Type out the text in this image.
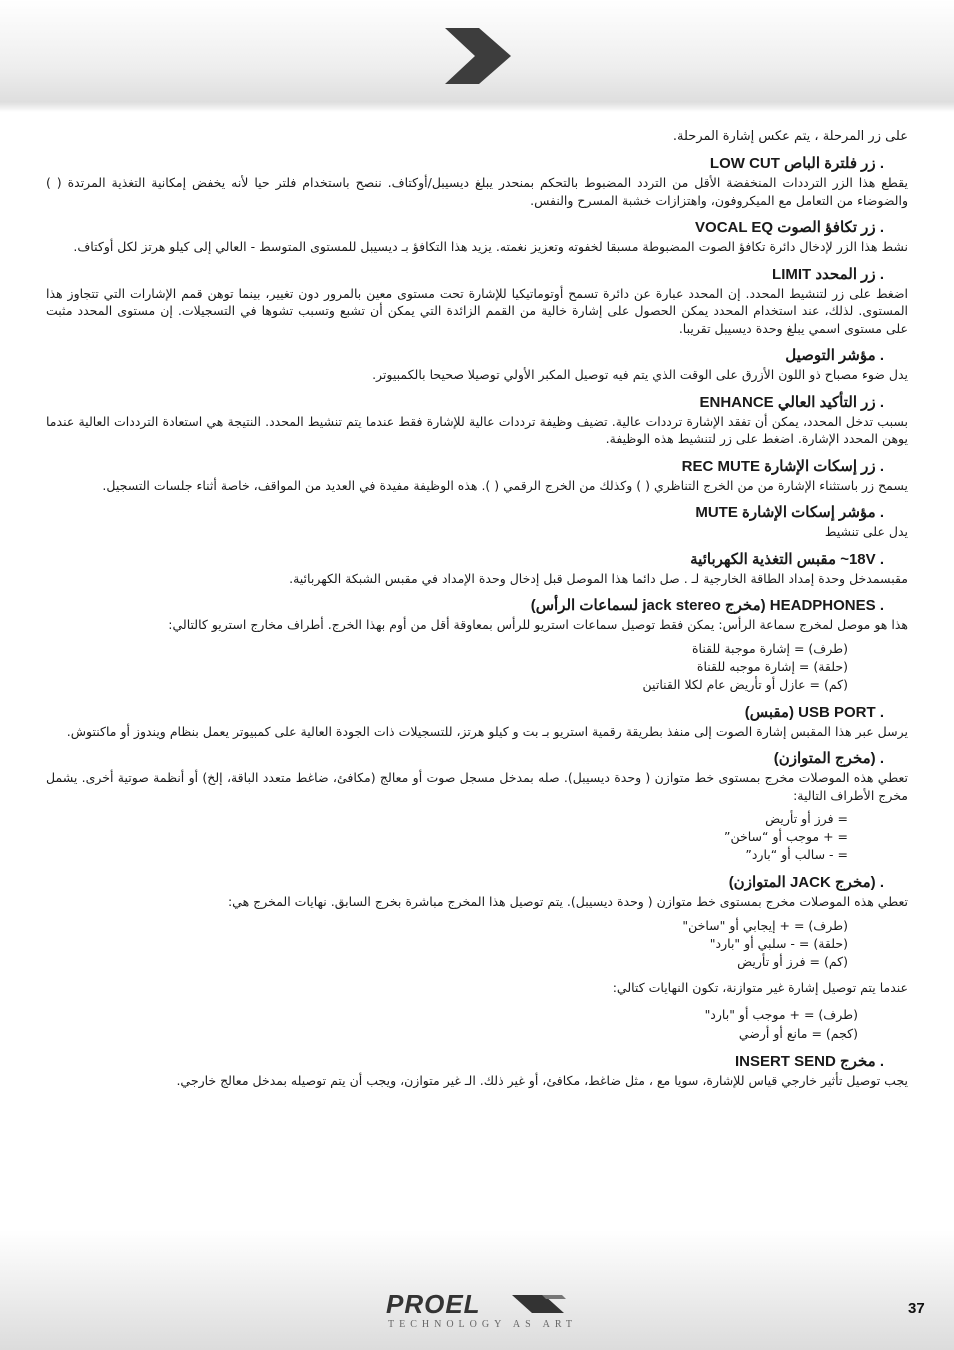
على زر المرحلة ، يتم عكس إشارة المرحلة.
. زر فلترة الباص LOW CUT
يقطع هذا الزر الترددات المنخفضة الأقل من التردد المضبوط بالتحكم بمنحدر يبلغ ديسيبل/أوكتاف. ننصح باستخدام فلتر حيا لأنه يخفض إمكانية التغذية المرتدة ( ) والضوضاء من التعامل مع الميكروفون، واهتزازات خشبة المسرح والنفس.
. زر تكافؤ الصوت VOCAL EQ
نشط هذا الزر لإدخال دائرة تكافؤ الصوت المضبوطة مسبقا لخفوته وتعزيز نغمته. يزيد هذا التكافؤ بـ ديسيبل للمستوى المتوسط - العالي إلى كيلو هرتز لكل أوكتاف.
. زر المحدد LIMIT
اضغط على زر لتنشيط المحدد. إن المحدد عبارة عن دائرة تسمح أوتوماتيكيا للإشارة تحت مستوى معين بالمرور دون تغيير، بينما توهن قمم الإشارات التي تتجاوز هذا المستوى. لذلك، عند استخدام المحدد يمكن الحصول على إشارة خالية من القمم الزائدة التي يمكن أن تشبع وتسبب تشوها في التسجيلات. إن مستوى المحدد مثبت على مستوى اسمي يبلغ وحدة ديسيبل تقريبا.
. مؤشر التوصيل
يدل ضوء مصباح ذو اللون الأزرق على الوقت الذي يتم فيه توصيل المكبر الأولي توصيلا صحيحا بالكمبيوتر.
. زر التأكيد العالي ENHANCE
بسبب تدخل المحدد، يمكن أن تفقد الإشارة ترددات عالية. تضيف وظيفة ترددات عالية للإشارة فقط عندما يتم تنشيط المحدد. النتيجة هي استعادة الترددات العالية عندما يوهن المحدد الإشارة. اضغط على زر لتنشيط هذه الوظيفة.
. زر إسكات الإشارة REC MUTE
يسمح زر باستثناء الإشارة من من الخرج التناظري ( ) وكذلك من الخرج الرقمي ( ). هذه الوظيفة مفيدة في العديد من المواقف، خاصة أثناء جلسات التسجيل.
. مؤشر إسكات الإشارة MUTE
يدل على تنشيط
. 18V~ مقبس التغذية الكهربائية
مقبسمدخل وحدة إمداد الطاقة الخارجية لـ . صل دائما هذا الموصل قبل إدخال وحدة الإمداد في مقبس الشبكة الكهربائية.
. HEADPHONES (مخرج jack stereo لسماعات الرأس)
هذا هو موصل لمخرج سماعة الرأس: يمكن فقط توصيل سماعات استريو للرأس بمعاوقة أقل من أوم بهذا الخرج. أطراف مخارج استريو كالتالي:
(طرف) = إشارة موجبة للقناة
(حلقة) = إشارة موجبه للقناة
(كم) = عازل أو تأريض عام لكلا القناتين
. USB PORT (مقبس)
يرسل عبر هذا المقبس إشارة الصوت إلى منفذ بطريقة رقمية استريو بـ بت و كيلو هرتز، للتسجيلات ذات الجودة العالية على كمبيوتر يعمل بنظام ويندوز أو ماكنتوش.
. (مخرج المتوازن)
تعطي هذه الموصلات مخرج بمستوى خط متوازن ( وحدة ديسيبل). صله بمدخل مسجل صوت أو معالج (مكافئ، ضاغط متعدد الباقة، إلخ) أو أنظمة صوتية أخرى. يشمل مخرج الأطراف التالية:
= فرز أو تأريض
= + موجب أو “ساخن”
= - سالب أو “بارد”
. (مخرج JACK المتوازن)
تعطي هذه الموصلات مخرج بمستوى خط متوازن ( وحدة ديسيبل). يتم توصيل هذا المخرج مباشرة بخرج السابق. نهايات المخرج هي:
(طرف) = + إيجابي أو "ساخن"
(حلقة) = - سلبي أو "بارد"
(كم) = فرز أو تأريض
عندما يتم توصيل إشارة غير متوازنة، تكون النهايات كتالي:
(طرف) = + موجب أو "بارد"
(كجم) = مانع أو أرضي
. مخرج INSERT SEND
يجب توصيل تأثير خارجي قياس للإشارة، سويا مع ، مثل ضاغط، مكافئ، أو غير ذلك. الـ غير متوازن، ويجب أن يتم توصيله بمدخل معالج خارجي.
PROEL
TECHNOLOGY AS ART
37
